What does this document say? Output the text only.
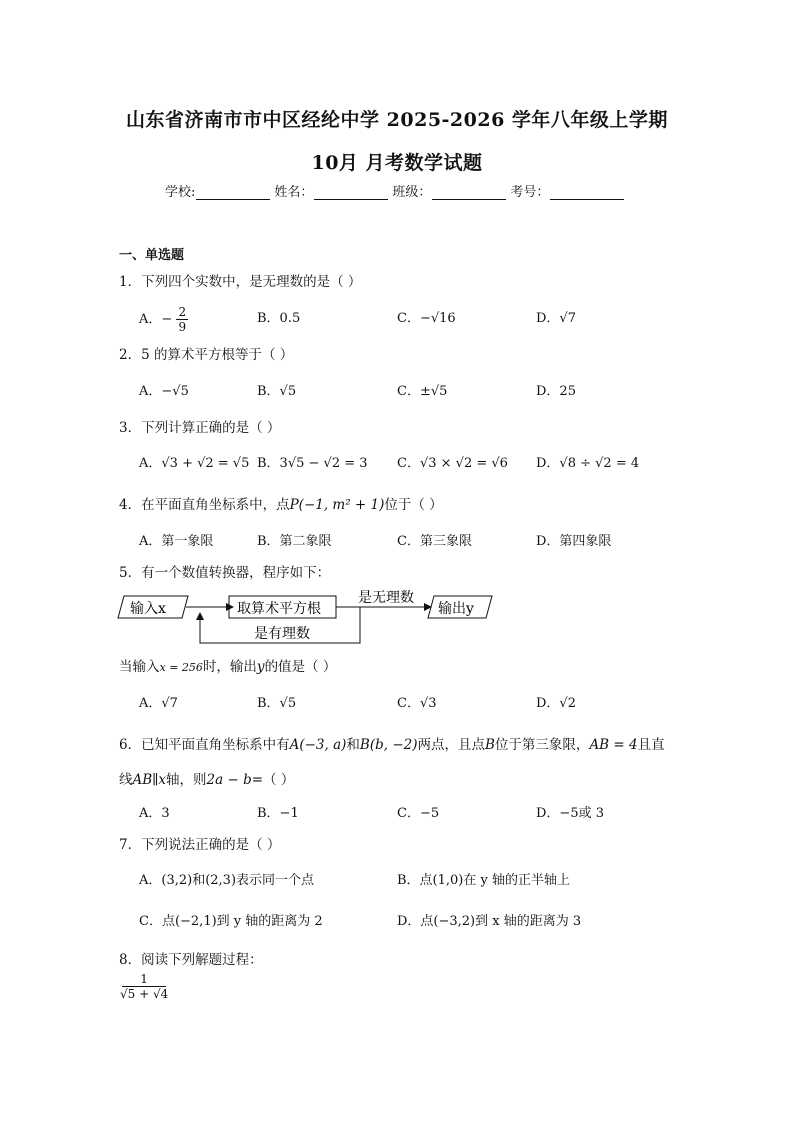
山东省济南市市中区经纶中学 2025-2026 学年八年级上学期
10月 月考数学试题
学校:	姓名：	班级：	考号：
一、单选题
1．下列四个实数中，是无理数的是（ ）
A．− $\frac{2}{9}$	B．0.5	C．−√16	D．√7
2．5 的算术平方根等于（ ）
A．−√5	B．√5	C．±√5	D．25
3．下列计算正确的是（ ）
A．√3 + √2 = √5 B．3√5 − √2 = 3 C．√3 × √2 = √6 D．√8 ÷ √2 = 4
4．在平面直角坐标系中，点P(−1, m² + 1)位于（ ）
A．第一象限	B．第二象限	C．第三象限	D．第四象限
5．有一个数值转换器，程序如下：
输入x	取算术平方根
是无理数
输出y
是有理数
当输入x = 256时，输出y的值是（ ）
A．√7	B．√5	C．√3	D．√2
6．已知平面直角坐标系中有A(−3, a)和B(b, −2)两点，且点B位于第三象限，AB = 4且直
线AB∥x轴，则2a − b=（ ）
A．3	B．−1	C．−5	D．−5或 3
7．下列说法正确的是（ ）
A．(3,2)和(2,3)表示同一个点	B．点(1,0)在 y 轴的正半轴上
C．点(−2,1)到 y 轴的距离为 2	D．点(−3,2)到 x 轴的距离为 3
8．阅读下列解题过程：
$\frac{1}{√5 + √4}$
